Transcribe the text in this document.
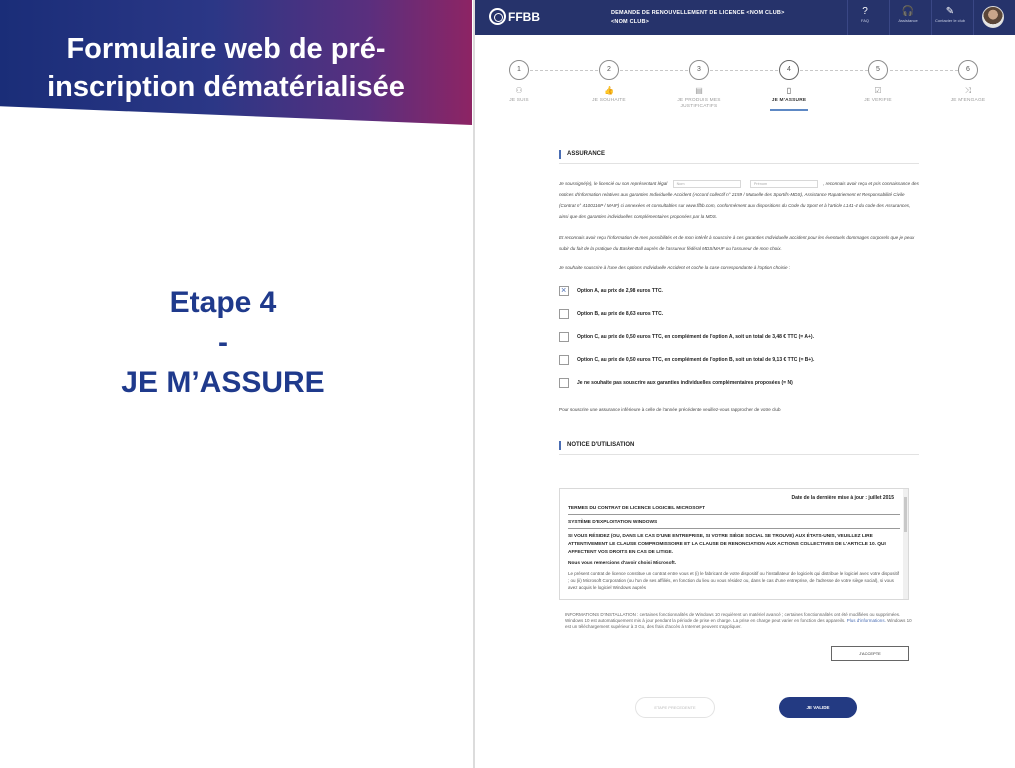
Formulaire web de pré-inscription dématérialisée
Etape 4
-
JE M’ASSURE
FFBB	DEMANDE DE RENOUVELLEMENT DE LICENCE <NOM CLUB>
<NOM CLUB>
?
FAQ
🎧
Assistance
✎
Contacter le club
1
⚇
JE SUIS
2
👍
JE SOUHAITE
3
▤
JE PRODUIS MES JUSTIFICATIFS
4
▯
JE M'ASSURE
5
☑
JE VERIFIE
6
⤨
JE M'ENGAGE
ASSURANCE
Je soussigné(e), le licencié ou son représentant légal Nom	Prénom	, reconnais avoir reçu et pris connaissance des notices d'information relatives aux garanties Individuelle Accident (Accord collectif n° 2159 / Mutuelle des Sportifs-MDS), Assistance Rapatriement et Responsabilité Civile (Contrat n° 4100116P / MAIF) ci annexées et consultables sur www.ffbb.com, conformément aux dispositions du Code du Sport et à l'article L141-4 du code des Assurances, ainsi que des garanties individuelles complémentaires proposées par la MDS.
Et reconnais avoir reçu l'information de mes possibilités et de mon intérêt à souscrire à ces garanties Individuelle accident pour les éventuels dommages corporels que je peux subir du fait de la pratique du Basket-Ball auprès de l'assureur fédéral MDS/MAIF ou l'assureur de mon choix.
Je souhaite souscrire à l'une des options Individuelle Accident et coche la case correspondante à l'option choisie :
×
Option A, au prix de 2,98 euros TTC.
Option B, au prix de 8,63 euros TTC.
Option C, au prix de 0,50 euros TTC, en complément de l'option A, soit un total de 3,48 € TTC (= A+).
Option C, au prix de 0,50 euros TTC, en complément de l'option B, soit un total de 9,13 € TTC (= B+).
Je ne souhaite pas souscrire aux garanties individuelles complémentaires proposées (= N)
Pour souscrire une assurance inférieure à celle de l'année précédente veuillez-vous rapprocher de votre club
NOTICE D'UTILISATION
Date de la dernière mise à jour : juillet 2015
TERMES DU CONTRAT DE LICENCE LOGICIEL MICROSOFT
SYSTÈME D'EXPLOITATION WINDOWS
SI VOUS RÉSIDEZ (OU, DANS LE CAS D'UNE ENTREPRISE, SI VOTRE SIÈGE SOCIAL SE TROUVE) AUX ÉTATS-UNIS, VEUILLEZ LIRE ATTENTIVEMENT LE CLAUSE COMPROMISSOIRE ET LA CLAUSE DE RENONCIATION AUX ACTIONS COLLECTIVES DE L'ARTICLE 10. QUI AFFECTENT VOS DROITS EN CAS DE LITIGE.
Nous vous remercions d'avoir choisi Microsoft.
Le présent contrat de licence constitue un contrat entre vous et (i) le fabricant de votre dispositif ou l'installateur de logiciels qui distribue le logiciel avec votre dispositif ; ou (ii) Microsoft Corporation (ou l'un de ses affiliés, en fonction du lieu ou vous résidez ou, dans le cas d'une entreprise, de l'adresse de votre siège social), si vous avez acquis le logiciel Windows auprès
INFORMATIONS D'INSTALLATION : certaines fonctionnalités de Windows 10 requièrent un matériel avancé ; certaines fonctionnalités ont été modifiées ou supprimées. Windows 10 est automatiquement mis à jour pendant la période de prise en charge. La prise en charge peut varier en fonction des appareils. Plus d'informations. Windows 10 est un téléchargement supérieur à 3 Go, des frais d'accès à Internet peuvent s'appliquer.
J'ACCEPTE
ETAPE PRECEDENTE	JE VALIDE
